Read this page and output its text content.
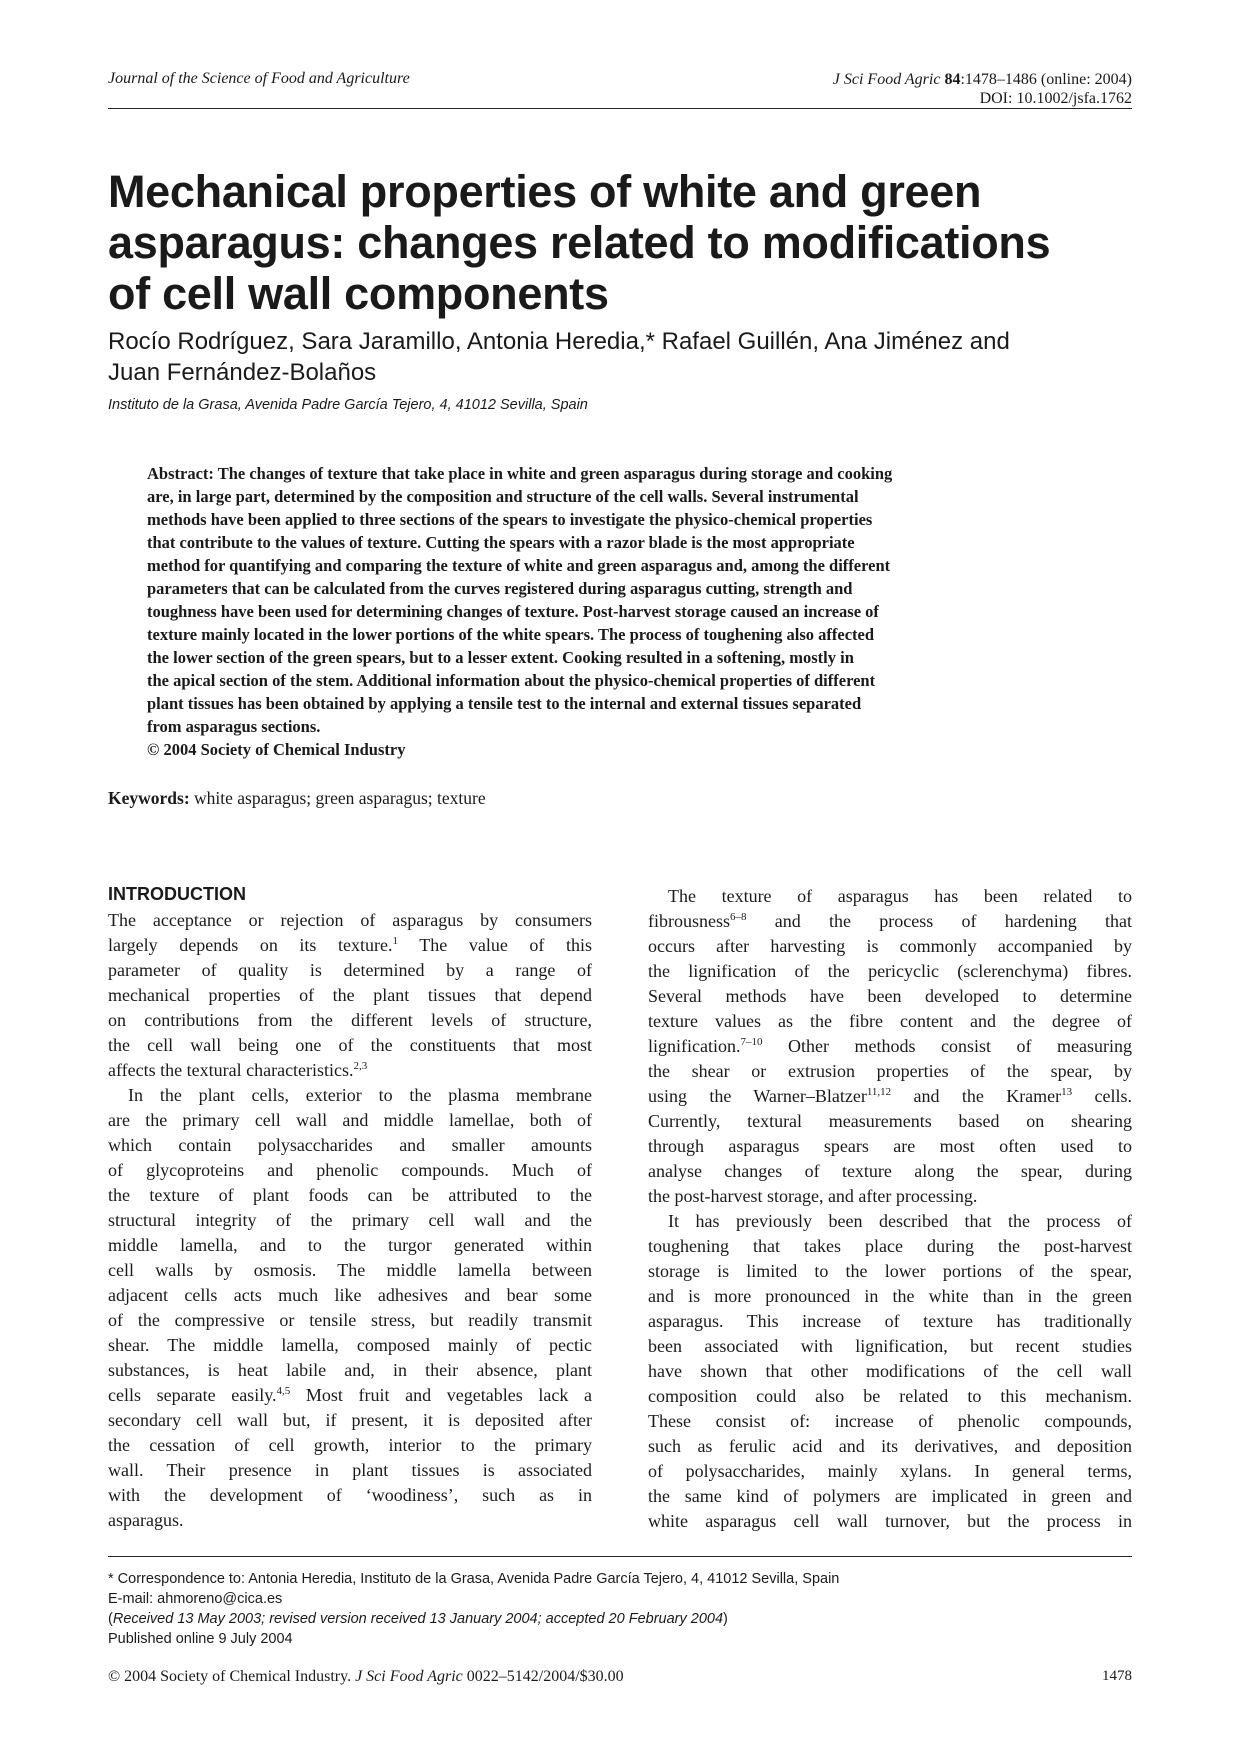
Journal of the Science of Food and Agriculture	J Sci Food Agric 84:1478–1486 (online: 2004)
DOI: 10.1002/jsfa.1762
Mechanical properties of white and green
asparagus: changes related to modifications
of cell wall components
Rocío Rodríguez, Sara Jaramillo, Antonia Heredia,* Rafael Guillén, Ana Jiménez and
Juan Fernández-Bolaños
Instituto de la Grasa, Avenida Padre García Tejero, 4, 41012 Sevilla, Spain
Abstract: The changes of texture that take place in white and green asparagus during storage and cooking
are, in large part, determined by the composition and structure of the cell walls. Several instrumental
methods have been applied to three sections of the spears to investigate the physico-chemical properties
that contribute to the values of texture. Cutting the spears with a razor blade is the most appropriate
method for quantifying and comparing the texture of white and green asparagus and, among the different
parameters that can be calculated from the curves registered during asparagus cutting, strength and
toughness have been used for determining changes of texture. Post-harvest storage caused an increase of
texture mainly located in the lower portions of the white spears. The process of toughening also affected
the lower section of the green spears, but to a lesser extent. Cooking resulted in a softening, mostly in
the apical section of the stem. Additional information about the physico-chemical properties of different
plant tissues has been obtained by applying a tensile test to the internal and external tissues separated
from asparagus sections.
© 2004 Society of Chemical Industry
Keywords: white asparagus; green asparagus; texture
INTRODUCTION
The acceptance or rejection of asparagus by consumers
largely depends on its texture.$^1$ The value of this
parameter of quality is determined by a range of
mechanical properties of the plant tissues that depend
on contributions from the different levels of structure,
the cell wall being one of the constituents that most
affects the textural characteristics.$^{2,3}$
In the plant cells, exterior to the plasma membrane
are the primary cell wall and middle lamellae, both of
which contain polysaccharides and smaller amounts
of glycoproteins and phenolic compounds. Much of
the texture of plant foods can be attributed to the
structural integrity of the primary cell wall and the
middle lamella, and to the turgor generated within
cell walls by osmosis. The middle lamella between
adjacent cells acts much like adhesives and bear some
of the compressive or tensile stress, but readily transmit
shear. The middle lamella, composed mainly of pectic
substances, is heat labile and, in their absence, plant
cells separate easily.$^{4,5}$ Most fruit and vegetables lack a
secondary cell wall but, if present, it is deposited after
the cessation of cell growth, interior to the primary
wall. Their presence in plant tissues is associated
with the development of ‘woodiness’, such as in
asparagus.
The texture of asparagus has been related to
fibrousness$^{6-8}$ and the process of hardening that
occurs after harvesting is commonly accompanied by
the lignification of the pericyclic (sclerenchyma) fibres.
Several methods have been developed to determine
texture values as the fibre content and the degree of
lignification.$^{7-10}$ Other methods consist of measuring
the shear or extrusion properties of the spear, by
using the Warner–Blatzer$^{11,12}$ and the Kramer$^{13}$ cells.
Currently, textural measurements based on shearing
through asparagus spears are most often used to
analyse changes of texture along the spear, during
the post-harvest storage, and after processing.
It has previously been described that the process of
toughening that takes place during the post-harvest
storage is limited to the lower portions of the spear,
and is more pronounced in the white than in the green
asparagus. This increase of texture has traditionally
been associated with lignification, but recent studies
have shown that other modifications of the cell wall
composition could also be related to this mechanism.
These consist of: increase of phenolic compounds,
such as ferulic acid and its derivatives, and deposition
of polysaccharides, mainly xylans. In general terms,
the same kind of polymers are implicated in green and
white asparagus cell wall turnover, but the process in
* Correspondence to: Antonia Heredia, Instituto de la Grasa, Avenida Padre García Tejero, 4, 41012 Sevilla, Spain
E-mail: ahmoreno@cica.es
(Received 13 May 2003; revised version received 13 January 2004; accepted 20 February 2004)
Published online 9 July 2004
© 2004 Society of Chemical Industry. J Sci Food Agric 0022–5142/2004/$30.00	1478
